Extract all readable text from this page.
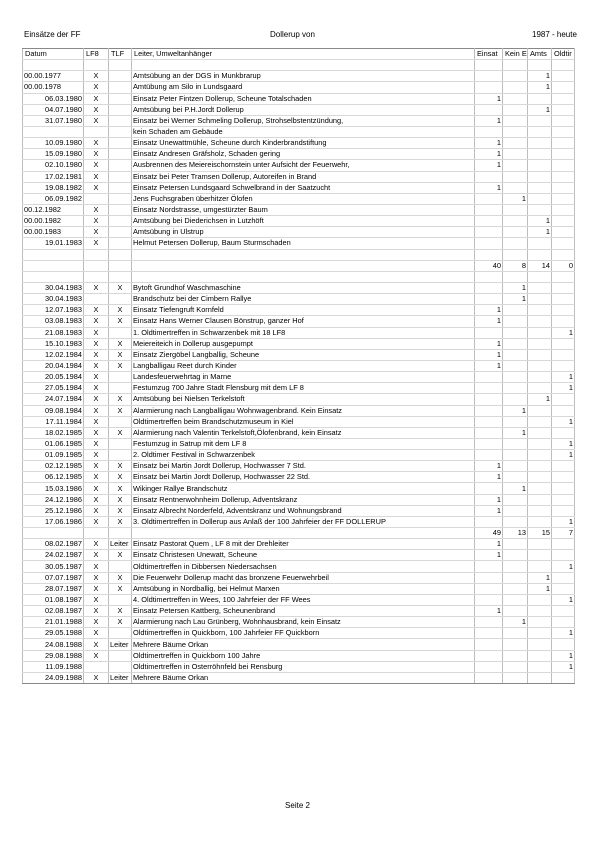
Einsätze der FF	Dollerup von	1987 - heute
Datum	LF8	TLF	Leiter, Umweltanhänger	Einsat	Kein E	Amts	Oldtir

00.00.1977	X		Amtsübung an der DGS in Munkbrarup			1	
00.00.1978	X		Amtübung am Silo in Lundsgaard			1	
06.03.1980	X		Einsatz Peter Fintzen Dollerup, Scheune Totalschaden	1			
04.07.1980	X		Amtsübung bei P.H.Jordt Dollerup			1	
31.07.1980	X		Einsatz bei Werner Schmeling Dollerup, Strohselbstentzündung,	1			
			kein Schaden am Gebäude				
10.09.1980	X		Einsatz Unewattmühle, Scheune durch Kinderbrandstiftung	1			
15.09.1980	X		Einsatz Andresen Gräfsholz, Schaden gering	1			
02.10.1980	X		Ausbrennen des Meiereischornstein unter Aufsicht der Feuerwehr,	1			
17.02.1981	X		Einsatz bei Peter Tramsen Dollerup, Autoreifen in Brand				
19.08.1982	X		Einsatz Petersen Lundsgaard Schwelbrand in der Saatzucht	1			
06.09.1982			Jens Fuchsgraben überhitzer Ölofen		1		
00.12.1982	X		Einsatz Nordstrasse, umgestürzter Baum				
00.00.1982	X		Amtsübung bei Diederichsen in Lutzhöft			1	
00.00.1983	X		Amtsübung in Ulstrup			1	
19.01.1983	X		Helmut Petersen Dollerup, Baum Sturmschaden				

				40	8	14	0

30.04.1983	X	X	Bytoft Grundhof Waschmaschine		1		
30.04.1983			Brandschutz bei der Cimbern Rallye		1		
12.07.1983	X	X	Einsatz Tiefengruft Kornfeld	1			
03.08.1983	X	X	Einsatz Hans Werner Clausen Bönstrup, ganzer Hof	1			
21.08.1983	X		1. Oldtimertreffen in Schwarzenbek mit 18 LF8				1
15.10.1983	X	X	Meiereiteich in Dollerup ausgepumpt	1			
12.02.1984	X	X	Einsatz Ziergöbel Langballig, Scheune	1			
20.04.1984	X	X	Langballigau Reet durch Kinder	1			
20.05.1984	X		Landesfeuerwehrtag in Marne				1
27.05.1984	X		Festumzug 700 Jahre Stadt Flensburg mit dem LF 8				1
24.07.1984	X	X	Amtsübung bei Nielsen Terkelstoft			1	
09.08.1984	X	X	Alarmierung nach Langballigau Wohnwagenbrand. Kein Einsatz		1		
17.11.1984	X		Oldtimertreffen beim Brandschutzmuseum in Kiel				1
18.02.1985	X	X	Alarmierung nach Valentin Terkelstoft,Ölofenbrand, kein Einsatz		1		
01.06.1985	X		Festumzug in Satrup mit dem LF 8				1
01.09.1985	X		2. Oldtimer Festival in Schwarzenbek				1
02.12.1985	X	X	Einsatz bei Martin Jordt Dollerup, Hochwasser 7 Std.	1			
06.12.1985	X	X	Einsatz bei Martin Jordt Dollerup, Hochwasser 22 Std.	1			
15.03.1986	X	X	Wikinger Rallye Brandschutz		1		
24.12.1986	X	X	Einsatz Rentnerwohnheim Dollerup, Adventskranz	1			
25.12.1986	X	X	Einsatz Albrecht Norderfeld, Adventskranz und Wohnungsbrand	1			
17.06.1986	X	X	3. Oldtimertreffen in Dollerup aus Anlaß der 100 Jahrfeier der FF DOLLERUP				1
				49	13	15	7
08.02.1987	X	Leiter	Einsatz Pastorat Quem , LF 8 mit der Drehleiter	1			
24.02.1987	X	X	Einsatz Christesen Unewatt, Scheune	1			
30.05.1987	X		Oldtimertreffen in Dibbersen Niedersachsen				1
07.07.1987	X	X	Die Feuerwehr Dollerup macht das bronzene Feuerwehrbeil			1	
28.07.1987	X	X	Amtsübung in Nordballig, bei Helmut Marxen			1	
01.08.1987	X		4. Oldtimertreffen in Wees, 100 Jahrfeier der FF Wees				1
02.08.1987	X	X	Einsatz Petersen Kattberg, Scheunenbrand	1			
21.01.1988	X	X	Alarmierung nach Lau Grünberg, Wohnhausbrand, kein Einsatz		1		
29.05.1988	X		Oldtimertreffen in Quickborn, 100 Jahrfeier FF Quickborn				1
24.08.1988	X	Leiter	Mehrere Bäume Orkan				
29.08.1988	X		Oldtimertreffen in Quickborn 100 Jahre				1
11.09.1988			Oldtimertreffen in Osterröhnfeld bei Rensburg				1
24.09.1988	X	Leiter	Mehrere Bäume Orkan				
Seite 2
